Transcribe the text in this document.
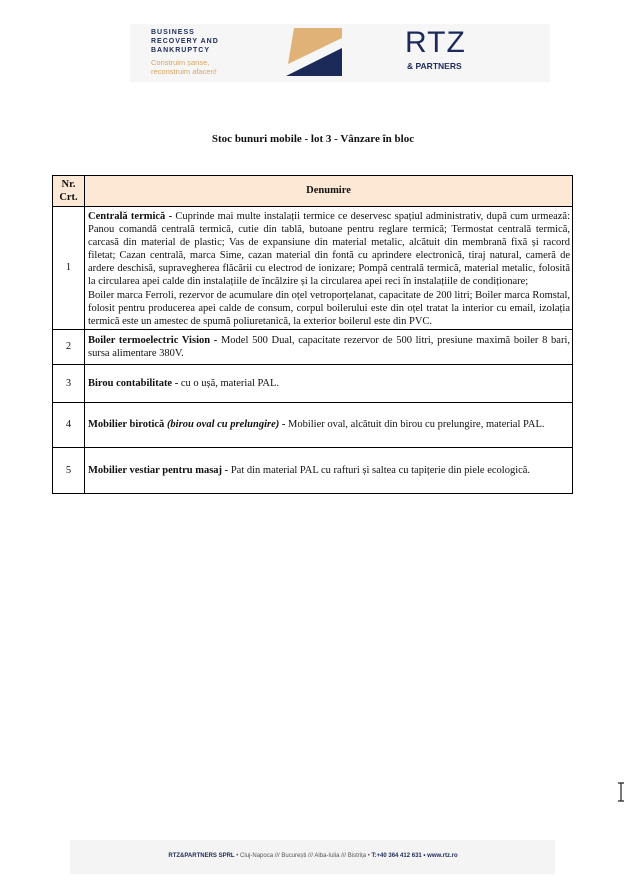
BUSINESS
RECOVERY AND
BANKRUPTCY
Construim șanse,
reconstruim afaceri!
RTZ
& PARTNERS
Stoc bunuri mobile - lot 3 - Vânzare în bloc
Nr. Crt.	Denumire
1	Centrală termică - Cuprinde mai multe instalații termice ce deservesc spațiul administrativ, după cum urmează: Panou comandă centrală termică, cutie din tablă, butoane pentru reglare termică; Termostat centrală termică, carcasă din material de plastic; Vas de expansiune din material metalic, alcătuit din membrană fixă și racord filetat; Cazan centrală, marca Sime, cazan material din fontă cu aprindere electronică, tiraj natural, cameră de ardere deschisă, supravegherea flăcării cu electrod de ionizare; Pompă centrală termică, material metalic, folosită la circularea apei calde din instalațiile de încălzire și la circularea apei reci în instalațiile de condiționare;
Boiler marca Ferroli, rezervor de acumulare din oțel vetroporțelanat, capacitate de 200 litri; Boiler marca Romstal, folosit pentru producerea apei calde de consum, corpul boilerului este din oțel tratat la interior cu email, izolația termică este un amestec de spumă poliuretanică, la exterior boilerul este din PVC.
2	Boiler termoelectric Vision - Model 500 Dual, capacitate rezervor de 500 litri, presiune maximă boiler 8 bari, sursa alimentare 380V.
3	Birou contabilitate - cu o ușă, material PAL.
4	Mobilier birotică (birou oval cu prelungire) - Mobilier oval, alcătuit din birou cu prelungire, material PAL.
5	Mobilier vestiar pentru masaj - Pat din material PAL cu rafturi și saltea cu tapițerie din piele ecologică.
RTZ&PARTNERS SPRL • Cluj-Napoca /// București /// Alba-Iulia /// Bistrița • T:+40 364 412 631 • www.rtz.ro
